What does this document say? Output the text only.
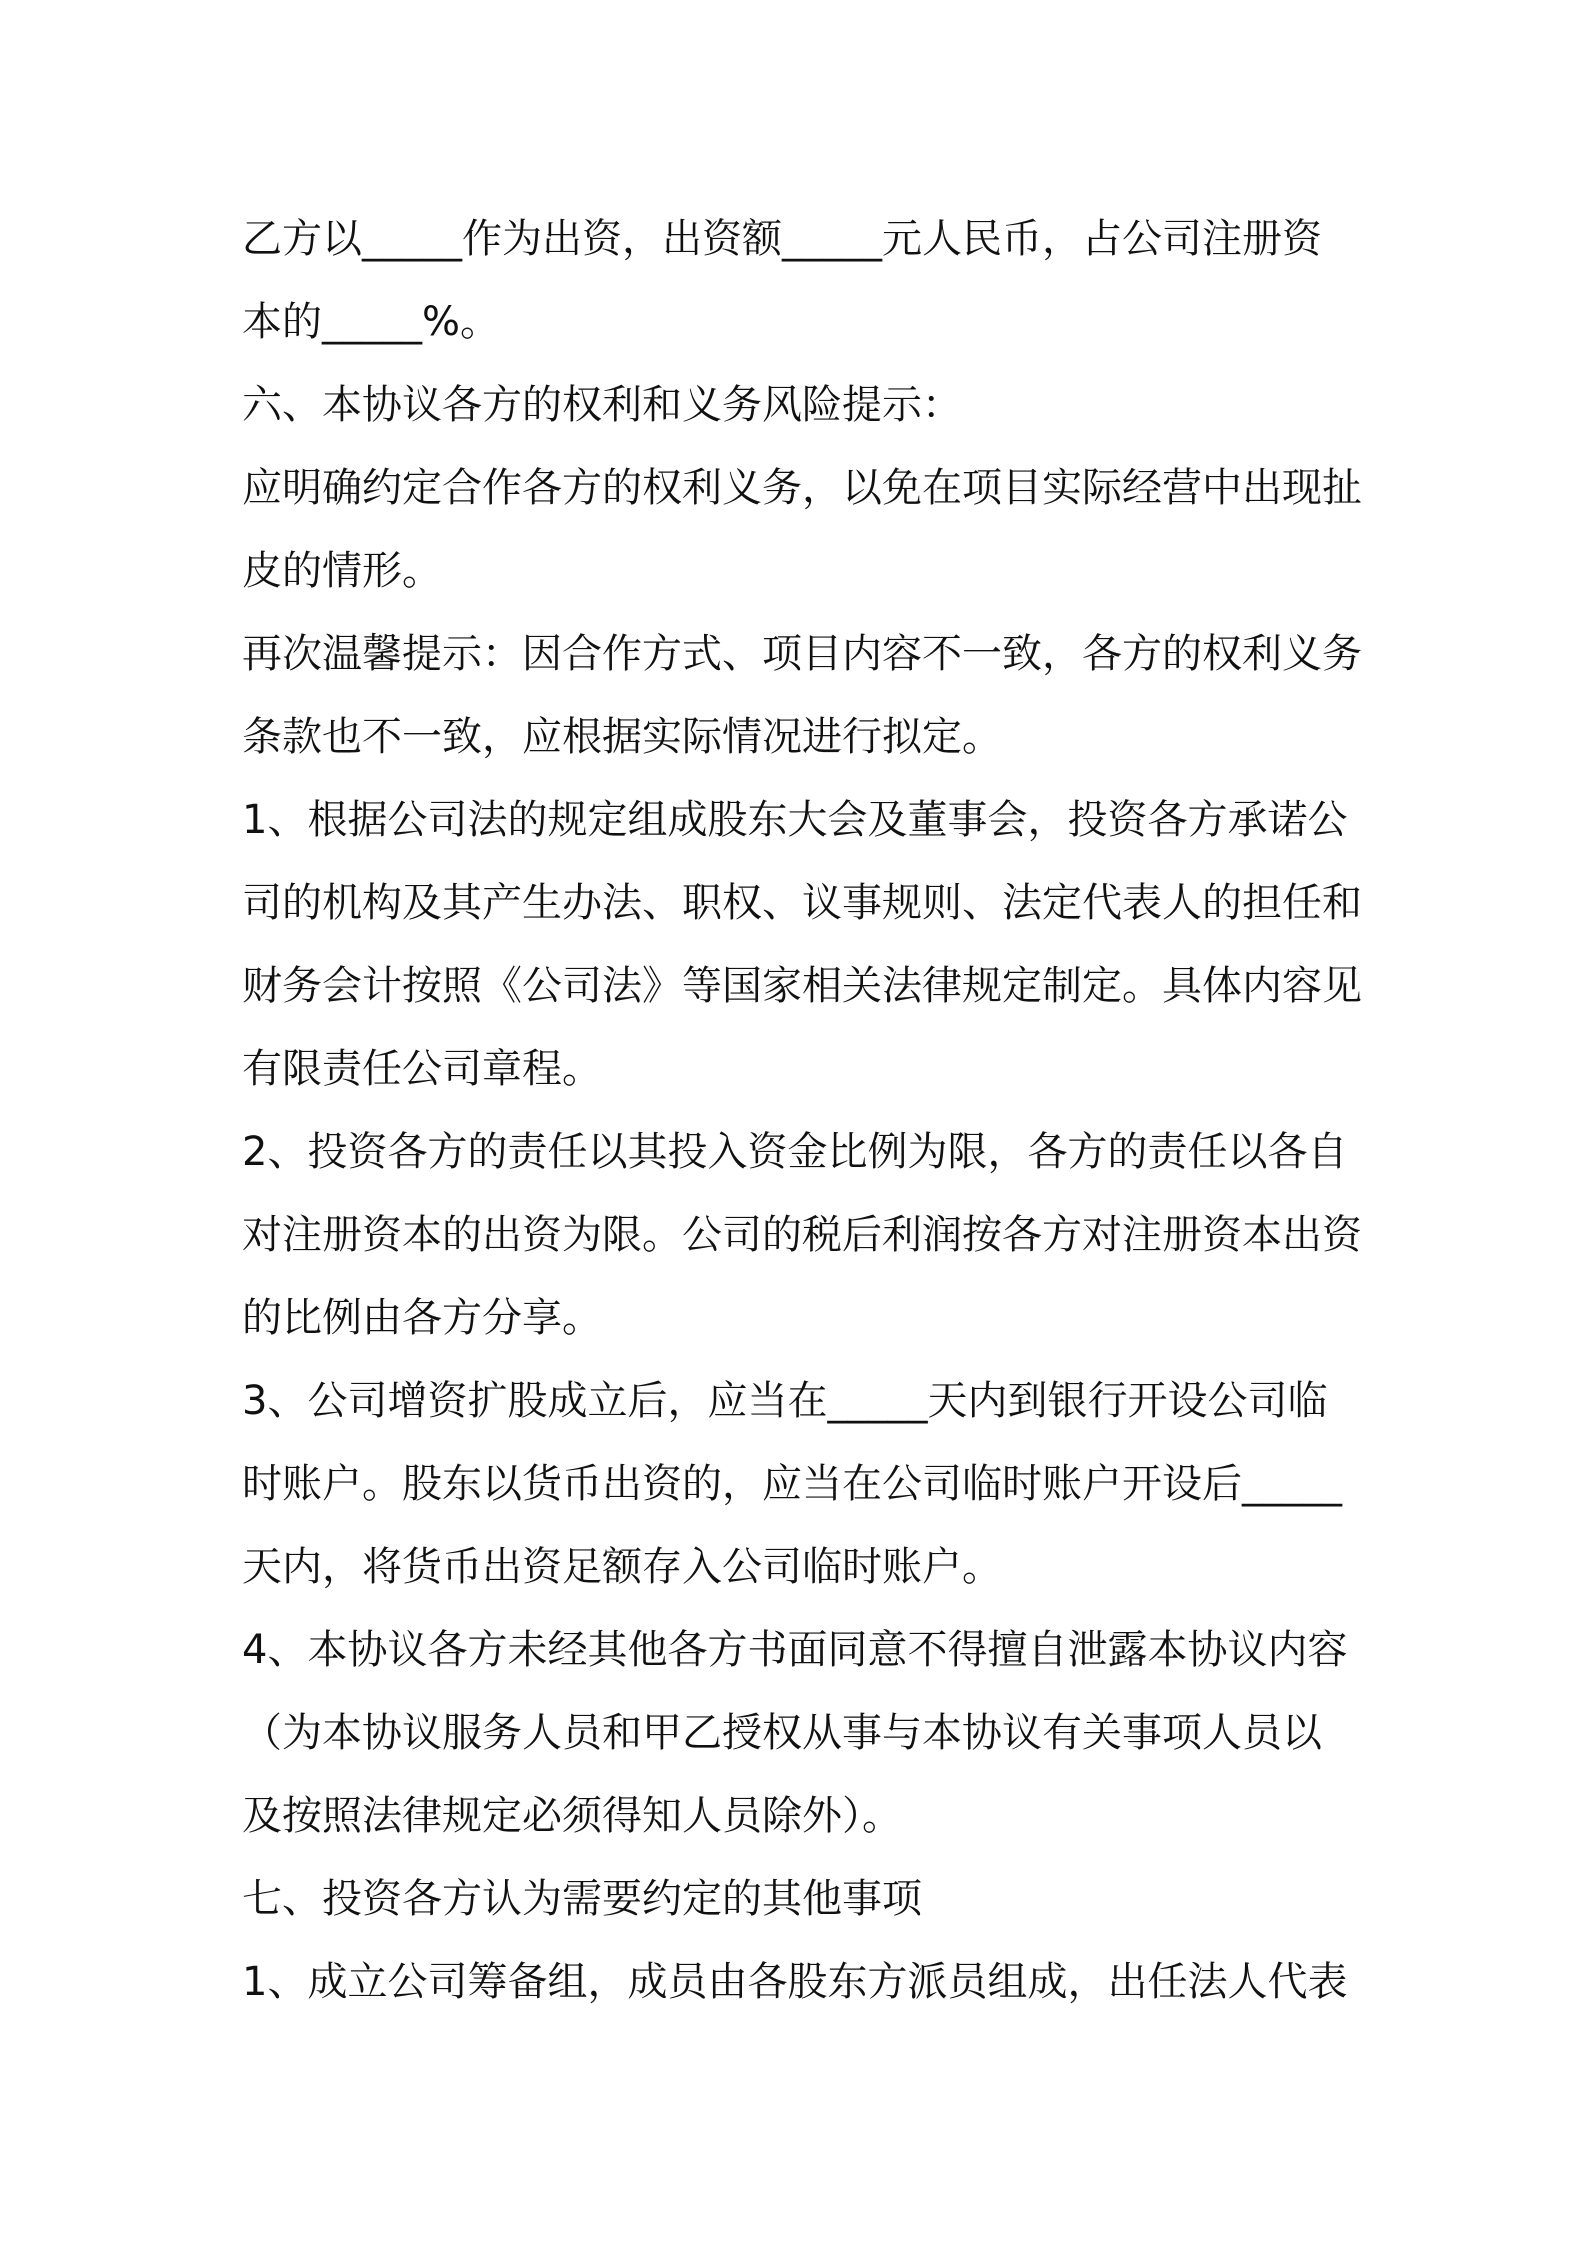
乙方以_____作为出资，出资额_____元人民币，占公司注册资
本的_____%。
六、本协议各方的权利和义务风险提示：
应明确约定合作各方的权利义务，以免在项目实际经营中出现扯
皮的情形。
再次温馨提示：因合作方式、项目内容不一致，各方的权利义务
条款也不一致，应根据实际情况进行拟定。
1、根据公司法的规定组成股东大会及董事会，投资各方承诺公
司的机构及其产生办法、职权、议事规则、法定代表人的担任和
财务会计按照《公司法》等国家相关法律规定制定。具体内容见
有限责任公司章程。
2、投资各方的责任以其投入资金比例为限，各方的责任以各自
对注册资本的出资为限。公司的税后利润按各方对注册资本出资
的比例由各方分享。
3、公司增资扩股成立后，应当在_____天内到银行开设公司临
时账户。股东以货币出资的，应当在公司临时账户开设后_____
天内，将货币出资足额存入公司临时账户。
4、本协议各方未经其他各方书面同意不得擅自泄露本协议内容
（为本协议服务人员和甲乙授权从事与本协议有关事项人员以
及按照法律规定必须得知人员除外）。
七、投资各方认为需要约定的其他事项
1、成立公司筹备组，成员由各股东方派员组成，出任法人代表
